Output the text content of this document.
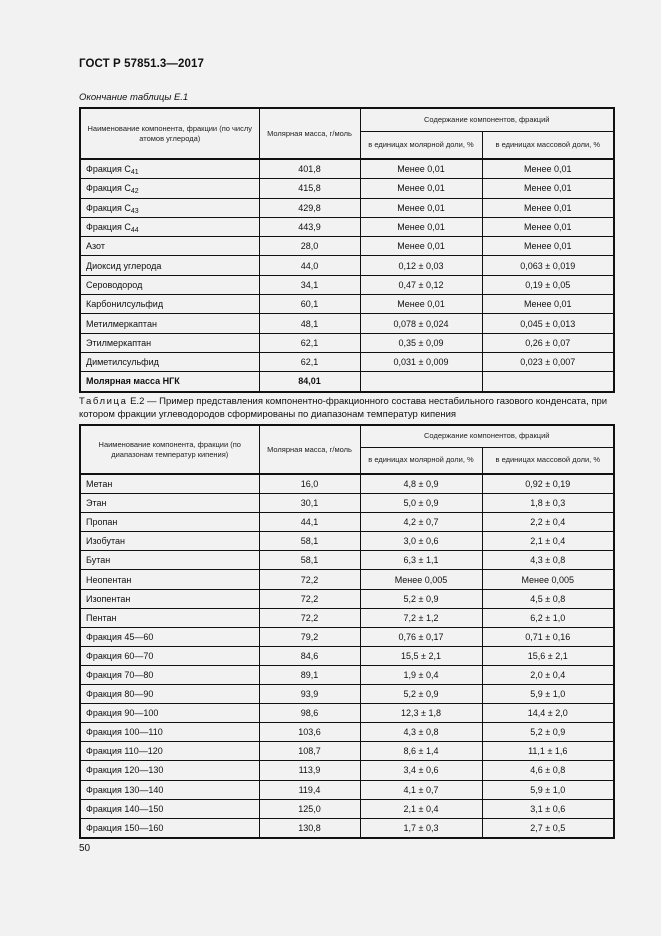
ГОСТ Р 57851.3—2017
Окончание таблицы Е.1
Наименование компонента, фракции (по числу атомов углерода)	Молярная масса, г/моль	Содержание компонентов, фракций	
		в единицах молярной доли, %	в единицах массовой доли, %
Фракция $C_{41}$	401,8	Менее 0,01	Менее 0,01
Фракция $C_{42}$	415,8	Менее 0,01	Менее 0,01
Фракция $C_{43}$	429,8	Менее 0,01	Менее 0,01
Фракция $C_{44}$	443,9	Менее 0,01	Менее 0,01
Азот	28,0	Менее 0,01	Менее 0,01
Диоксид углерода	44,0	0,12 ± 0,03	0,063 ± 0,019
Сероводород	34,1	0,47 ± 0,12	0,19 ± 0,05
Карбонилсульфид	60,1	Менее 0,01	Менее 0,01
Метилмеркаптан	48,1	0,078 ± 0,024	0,045 ± 0,013
Этилмеркаптан	62,1	0,35 ± 0,09	0,26 ± 0,07
Диметилсульфид	62,1	0,031 ± 0,009	0,023 ± 0,007
Молярная масса НГК	84,01		
Таблица Е.2 — Пример представления компонентно-фракционного состава нестабильного газового конденсата, при котором фракции углеводородов сформированы по диапазонам температур кипения
Наименование компонента, фракции (по диапазонам температур кипения)	Молярная масса, г/моль	Содержание компонентов, фракций	
		в единицах молярной доли, %	в единицах массовой доли, %
Метан	16,0	4,8 ± 0,9	0,92 ± 0,19
Этан	30,1	5,0 ± 0,9	1,8 ± 0,3
Пропан	44,1	4,2 ± 0,7	2,2 ± 0,4
Изобутан	58,1	3,0 ± 0,6	2,1 ± 0,4
Бутан	58,1	6,3 ± 1,1	4,3 ± 0,8
Неопентан	72,2	Менее 0,005	Менее 0,005
Изопентан	72,2	5,2 ± 0,9	4,5 ± 0,8
Пентан	72,2	7,2 ± 1,2	6,2 ± 1,0
Фракция 45—60	79,2	0,76 ± 0,17	0,71 ± 0,16
Фракция 60—70	84,6	15,5 ± 2,1	15,6 ± 2,1
Фракция 70—80	89,1	1,9 ± 0,4	2,0 ± 0,4
Фракция 80—90	93,9	5,2 ± 0,9	5,9 ± 1,0
Фракция 90—100	98,6	12,3 ± 1,8	14,4 ± 2,0
Фракция 100—110	103,6	4,3 ± 0,8	5,2 ± 0,9
Фракция 110—120	108,7	8,6 ± 1,4	11,1 ± 1,6
Фракция 120—130	113,9	3,4 ± 0,6	4,6 ± 0,8
Фракция 130—140	119,4	4,1 ± 0,7	5,9 ± 1,0
Фракция 140—150	125,0	2,1 ± 0,4	3,1 ± 0,6
Фракция 150—160	130,8	1,7 ± 0,3	2,7 ± 0,5
50
